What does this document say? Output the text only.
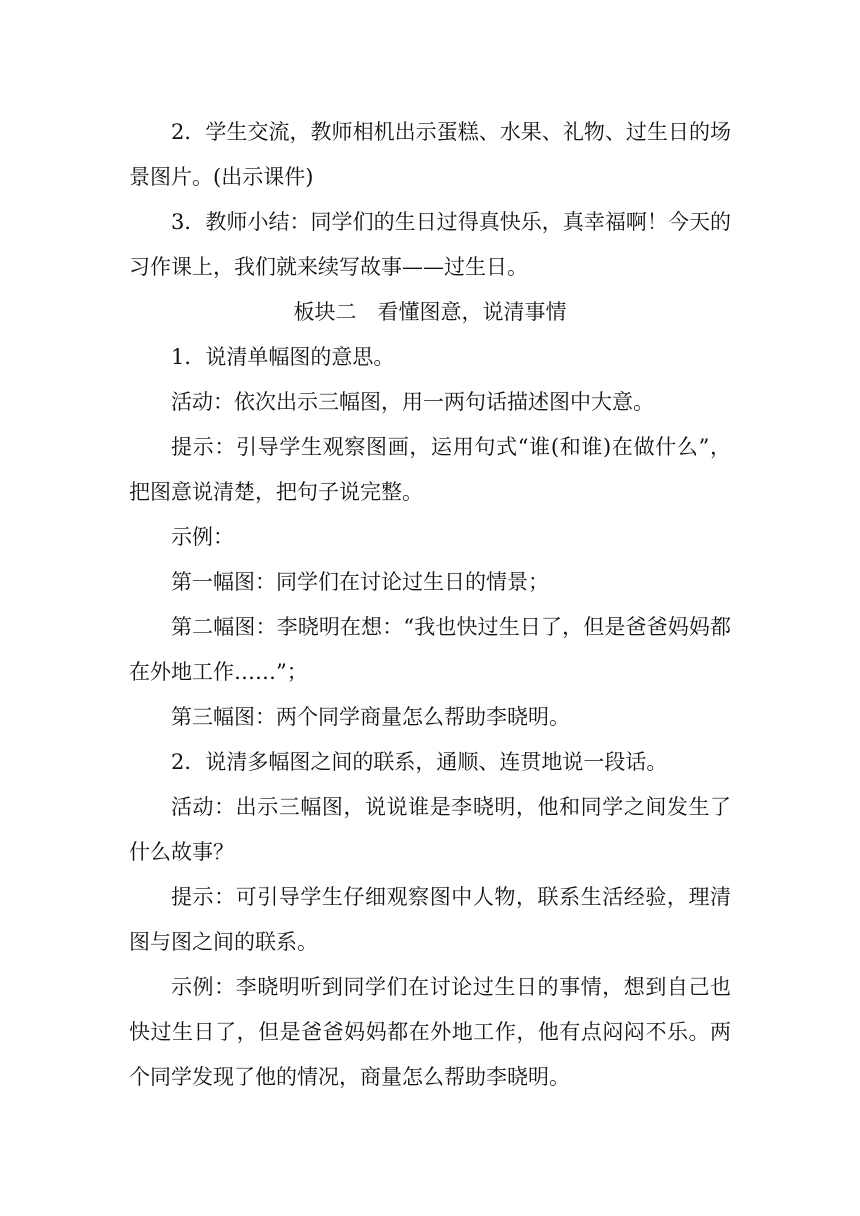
2．学生交流，教师相机出示蛋糕、水果、礼物、过生日的场景图片。(出示课件)

3．教师小结：同学们的生日过得真快乐，真幸福啊！今天的习作课上，我们就来续写故事——过生日。

板块二　看懂图意，说清事情

1．说清单幅图的意思。

活动：依次出示三幅图，用一两句话描述图中大意。

提示：引导学生观察图画，运用句式“谁(和谁)在做什么”，把图意说清楚，把句子说完整。

示例：

第一幅图：同学们在讨论过生日的情景；

第二幅图：李晓明在想：“我也快过生日了，但是爸爸妈妈都在外地工作……”；

第三幅图：两个同学商量怎么帮助李晓明。

2．说清多幅图之间的联系，通顺、连贯地说一段话。

活动：出示三幅图，说说谁是李晓明，他和同学之间发生了什么故事？

提示：可引导学生仔细观察图中人物，联系生活经验，理清图与图之间的联系。

示例：李晓明听到同学们在讨论过生日的事情，想到自己也快过生日了，但是爸爸妈妈都在外地工作，他有点闷闷不乐。两个同学发现了他的情况，商量怎么帮助李晓明。
